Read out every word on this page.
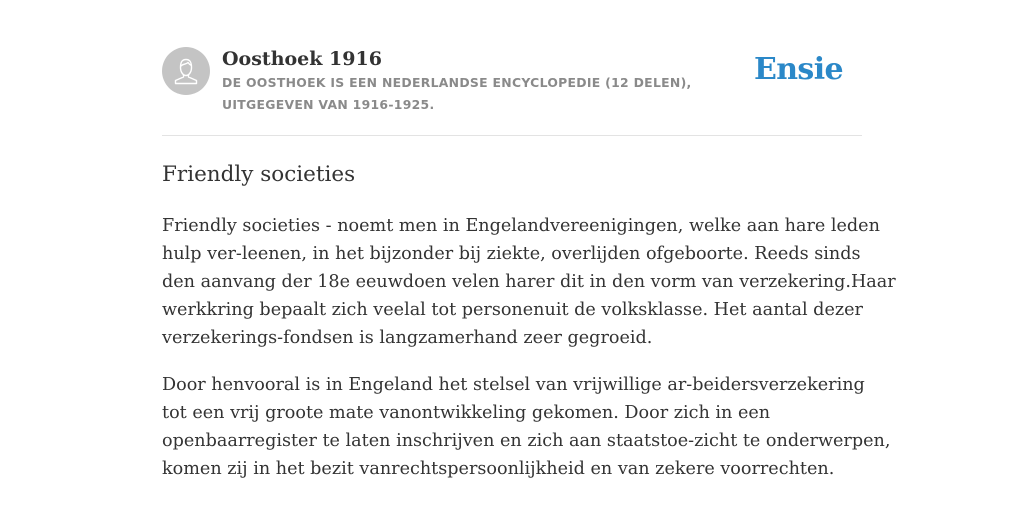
Oosthoek 1916

DE OOSTHOEK IS EEN NEDERLANDSE ENCYCLOPEDIE (12 DELEN), UITGEGEVEN VAN 1916-1925.

Ensie
Friendly societies
Friendly societies - noemt men in Engelandvereenigingen, welke aan hare leden
hulp ver-leenen, in het bijzonder bij ziekte, overlijden ofgeboorte. Reeds sinds
den aanvang der 18e eeuwdoen velen harer dit in den vorm van verzekering.Haar
werkkring bepaalt zich veelal tot personenuit de volksklasse. Het aantal dezer
verzekerings-fondsen is langzamerhand zeer gegroeid.
Door henvooral is in Engeland het stelsel van vrijwillige ar-beidersverzekering
tot een vrij groote mate vanontwikkeling gekomen. Door zich in een
openbaarregister te laten inschrijven en zich aan staatstoe-zicht te onderwerpen,
komen zij in het bezit vanrechtspersoonlijkheid en van zekere voorrechten.
